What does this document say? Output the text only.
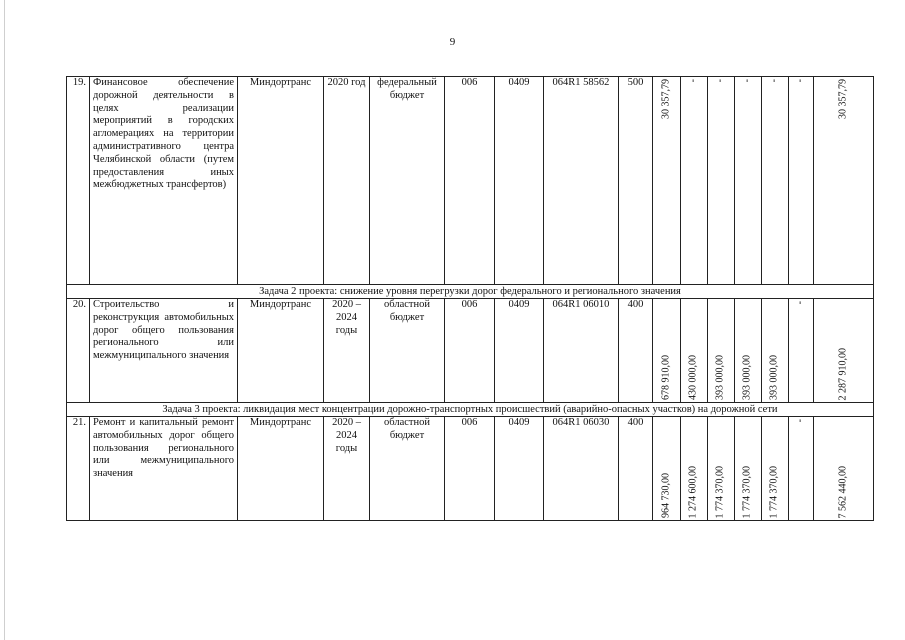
9
19.	Финансовое обеспечение дорожной деятельности в целях реализации мероприятий в городских агломерациях на территории административного центра Челябинской области (путем предоставления иных межбюджетных трансфертов)	Миндортранс	2020 год	федеральный бюджет	006	0409	064R1 58562	500	30 357,79	-	-	-	-	-	30 357,79

Задача 2 проекта: снижение уровня перегрузки дорог федерального и регионального значения															
20.	Строительство и реконструкция автомобильных дорог общего пользования регионального или межмуниципального значения	Миндортранс	2020 – 2024 годы	областной бюджет	006	0409	064R1 06010	400	678 910,00	430 000,00	393 000,00	393 000,00	393 000,00	-	2 287 910,00

Задача 3 проекта: ликвидация мест концентрации дорожно-транспортных происшествий (аварийно-опасных участков) на дорожной сети															
21.	Ремонт и капитальный ремонт автомобильных дорог общего пользования регионального или межмуниципального значения	Миндортранс	2020 – 2024 годы	областной бюджет	006	0409	064R1 06030	400	964 730,00	1 274 600,00	1 774 370,00	1 774 370,00	1 774 370,00	-	7 562 440,00
